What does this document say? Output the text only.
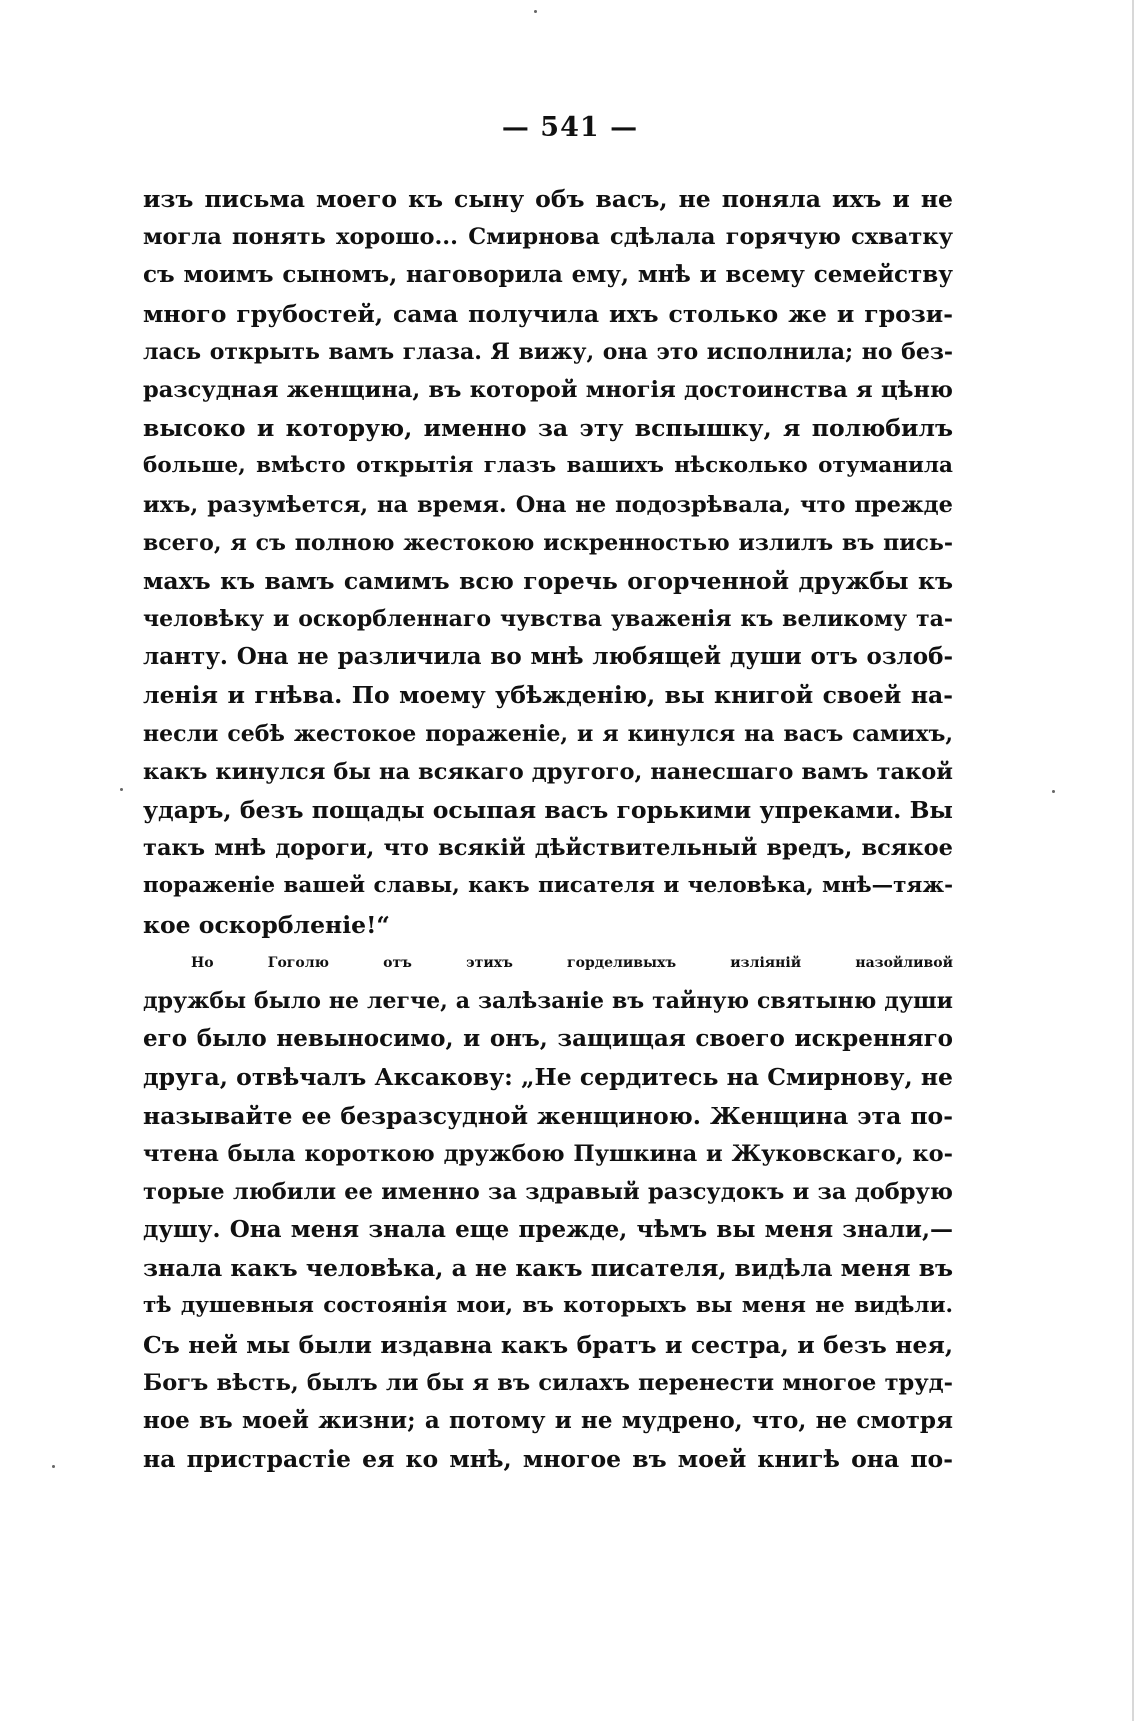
— 541 —
изъ письма моего къ сыну объ васъ, не поняла ихъ и не
могла понять хорошо... Смирнова сдѣлала горячую схватку
съ моимъ сыномъ, наговорила ему, мнѣ и всему семейству
много грубостей, сама получила ихъ столько же и грози-
лась открыть вамъ глаза. Я вижу, она это исполнила; но без-
разсудная женщина, въ которой многія достоинства я цѣню
высоко и которую, именно за эту вспышку, я полюбилъ
больше, вмѣсто открытія глазъ вашихъ нѣсколько отуманила
ихъ, разумѣется, на время. Она не подозрѣвала, что прежде
всего, я съ полною жестокою искренностью излилъ въ пись-
махъ къ вамъ самимъ всю горечь огорченной дружбы къ
человѣку и оскорбленнаго чувства уваженія къ великому та-
ланту. Она не различила во мнѣ любящей души отъ озлоб-
ленія и гнѣва. По моему убѣжденію, вы книгой своей на-
несли себѣ жестокое пораженіе, и я кинулся на васъ самихъ,
какъ кинулся бы на всякаго другого, нанесшаго вамъ такой
ударъ, безъ пощады осыпая васъ горькими упреками. Вы
такъ мнѣ дороги, что всякій дѣйствительный вредъ, всякое
пораженіе вашей славы, какъ писателя и человѣка, мнѣ—тяж-
кое оскорбленіе!“
Но Гоголю отъ этихъ горделивыхъ изліяній назойливой
дружбы было не легче, а залѣзаніе въ тайную святыню души
его было невыносимо, и онъ, защищая своего искренняго
друга, отвѣчалъ Аксакову: „Не сердитесь на Смирнову, не
называйте ее безразсудной женщиною. Женщина эта по-
чтена была короткою дружбою Пушкина и Жуковскаго, ко-
торые любили ее именно за здравый разсудокъ и за добрую
душу. Она меня знала еще прежде, чѣмъ вы меня знали,—
знала какъ человѣка, а не какъ писателя, видѣла меня въ
тѣ душевныя состоянія мои, въ которыхъ вы меня не видѣли.
Съ ней мы были издавна какъ братъ и сестра, и безъ нея,
Богъ вѣсть, былъ ли бы я въ силахъ перенести многое труд-
ное въ моей жизни; а потому и не мудрено, что, не смотря
на пристрастіе ея ко мнѣ, многое въ моей книгѣ она по-
